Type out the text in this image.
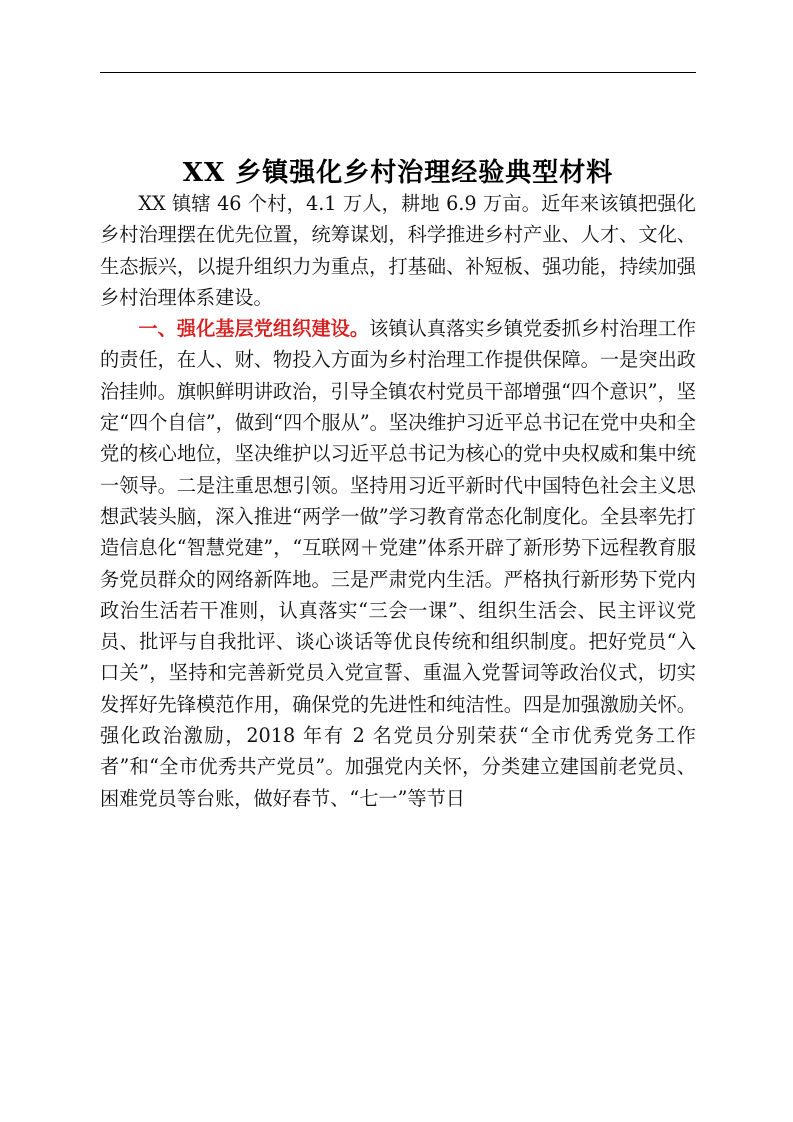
XX 乡镇强化乡村治理经验典型材料

XX 镇辖 46 个村，4.1 万人，耕地 6.9 万亩。近年来该镇把强化乡村治理摆在优先位置，统筹谋划，科学推进乡村产业、人才、文化、生态振兴，以提升组织力为重点，打基础、补短板、强功能，持续加强乡村治理体系建设。

一、强化基层党组织建设。该镇认真落实乡镇党委抓乡村治理工作的责任，在人、财、物投入方面为乡村治理工作提供保障。一是突出政治挂帅。旗帜鲜明讲政治，引导全镇农村党员干部增强“四个意识”，坚定“四个自信”，做到“四个服从”。坚决维护习近平总书记在党中央和全党的核心地位，坚决维护以习近平总书记为核心的党中央权威和集中统一领导。二是注重思想引领。坚持用习近平新时代中国特色社会主义思想武装头脑，深入推进“两学一做”学习教育常态化制度化。全县率先打造信息化“智慧党建”，“互联网＋党建”体系开辟了新形势下远程教育服务党员群众的网络新阵地。三是严肃党内生活。严格执行新形势下党内政治生活若干准则，认真落实“三会一课”、组织生活会、民主评议党员、批评与自我批评、谈心谈话等优良传统和组织制度。把好党员“入口关”，坚持和完善新党员入党宣誓、重温入党誓词等政治仪式，切实发挥好先锋模范作用，确保党的先进性和纯洁性。四是加强激励关怀。强化政治激励，2018 年有 2 名党员分别荣获“全市优秀党务工作者”和“全市优秀共产党员”。加强党内关怀，分类建立建国前老党员、困难党员等台账，做好春节、“七一”等节日
